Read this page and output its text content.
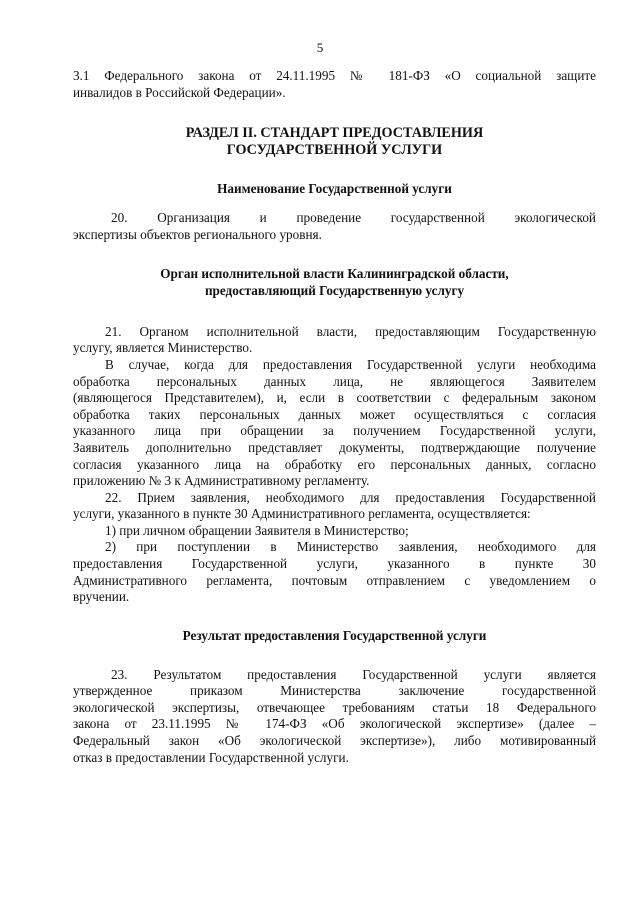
5

3.1 Федерального закона от 24.11.1995 № 181-ФЗ «О социальной защите

инвалидов в Российской Федерации».

РАЗДЕЛ II. СТАНДАРТ ПРЕДОСТАВЛЕНИЯ

ГОСУДАРСТВЕННОЙ УСЛУГИ

Наименование Государственной услуги

20. Организация и проведение государственной экологической

экспертизы объектов регионального уровня.

Орган исполнительной власти Калининградской области,

предоставляющий Государственную услугу

21. Органом исполнительной власти, предоставляющим Государственную

услугу, является Министерство.

В случае, когда для предоставления Государственной услуги необходима

обработка персональных данных лица, не являющегося Заявителем

(являющегося Представителем), и, если в соответствии с федеральным законом

обработка таких персональных данных может осуществляться с согласия

указанного лица при обращении за получением Государственной услуги,

Заявитель дополнительно представляет документы, подтверждающие получение

согласия указанного лица на обработку его персональных данных, согласно

приложению № 3 к Административному регламенту.

22. Прием заявления, необходимого для предоставления Государственной

услуги, указанного в пункте 30 Административного регламента, осуществляется:

1) при личном обращении Заявителя в Министерство;

2) при поступлении в Министерство заявления, необходимого для

предоставления Государственной услуги, указанного в пункте 30

Административного регламента, почтовым отправлением с уведомлением о

вручении.

Результат предоставления Государственной услуги

23. Результатом предоставления Государственной услуги является

утвержденное приказом Министерства заключение государственной

экологической экспертизы, отвечающее требованиям статьи 18 Федерального

закона от 23.11.1995 № 174-ФЗ «Об экологической экспертизе» (далее –

Федеральный закон «Об экологической экспертизе»), либо мотивированный

отказ в предоставлении Государственной услуги.
